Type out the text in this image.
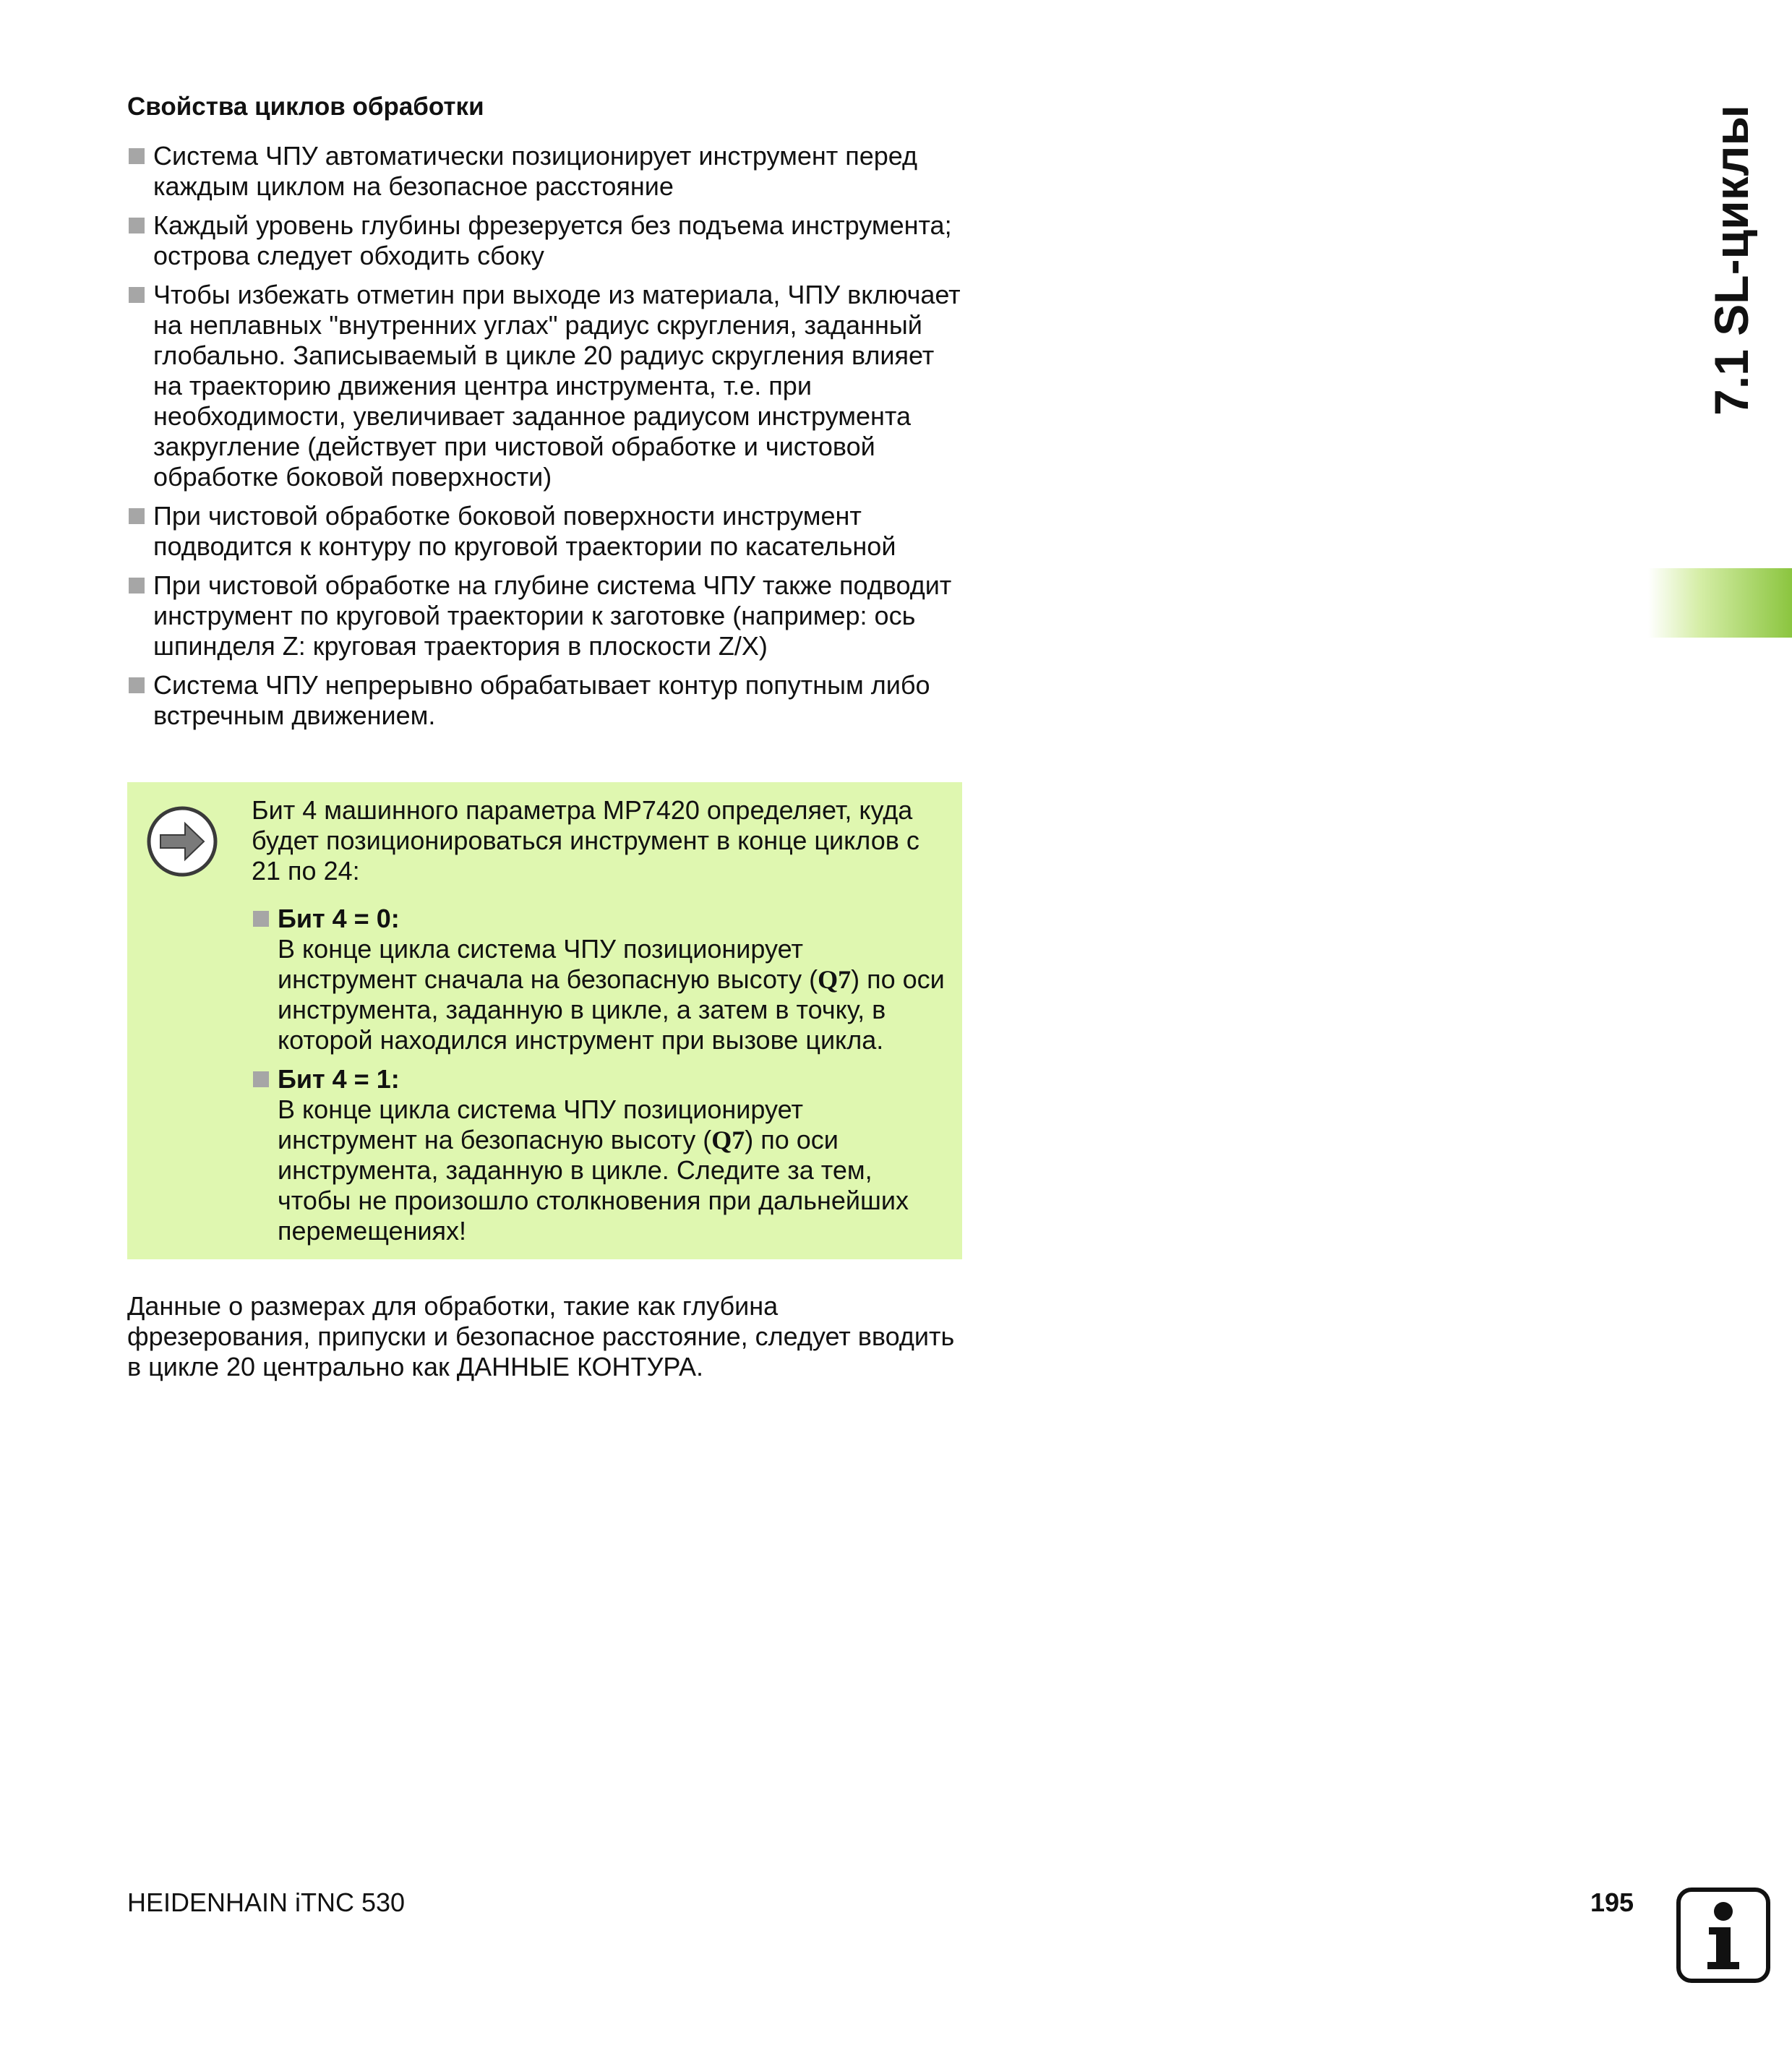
Свойства циклов обработки
Система ЧПУ автоматически позиционирует инструмент перед каждым циклом на безопасное расстояние
Каждый уровень глубины фрезеруется без подъема инструмента; острова следует обходить сбоку
Чтобы избежать отметин при выходе из материала, ЧПУ включает на неплавных "внутренних углах" радиус скругления, заданный глобально. Записываемый в цикле 20 радиус скругления влияет на траекторию движения центра инструмента, т.е. при необходимости, увеличивает заданное радиусом инструмента закругление (действует при чистовой обработке и чистовой обработке боковой поверхности)
При чистовой обработке боковой поверхности инструмент подводится к контуру по круговой траектории по касательной
При чистовой обработке на глубине система ЧПУ также подводит инструмент по круговой траектории к заготовке (например: ось шпинделя Z: круговая траектория в плоскости Z/X)
Система ЧПУ непрерывно обрабатывает контур попутным либо встречным движением.

Бит 4 машинного параметра MP7420 определяет, куда будет позиционироваться инструмент в конце циклов с 21 по 24:

Бит 4 = 0:
В конце цикла система ЧПУ позиционирует инструмент сначала на безопасную высоту (Q7) по оси инструмента, заданную в цикле, а затем в точку, в которой находился инструмент при вызове цикла.
Бит 4 = 1:
В конце цикла система ЧПУ позиционирует инструмент на безопасную высоту (Q7) по оси инструмента, заданную в цикле. Следите за тем, чтобы не произошло столкновения при дальнейших перемещениях!

Данные о размерах для обработки, такие как глубина фрезерования, припуски и безопасное расстояние, следует вводить в цикле 20 центрально как ДАННЫЕ КОНТУРА.

7.1 SL-циклы
HEIDENHAIN iTNC 530	195
